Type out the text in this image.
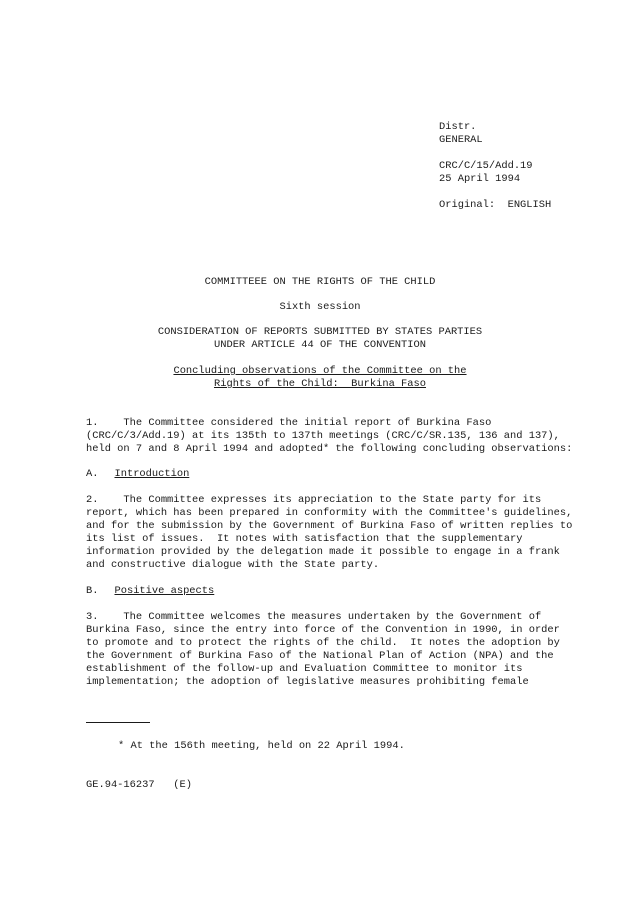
Distr.
GENERAL
CRC/C/15/Add.19
25 April 1994
Original:  ENGLISH
COMMITTEEE ON THE RIGHTS OF THE CHILD
Sixth session
CONSIDERATION OF REPORTS SUBMITTED BY STATES PARTIES
UNDER ARTICLE 44 OF THE CONVENTION
Concluding observations of the Committee on the
Rights of the Child:  Burkina Faso
1.    The Committee considered the initial report of Burkina Faso
(CRC/C/3/Add.19) at its 135th to 137th meetings (CRC/C/SR.135, 136 and 137),
held on 7 and 8 April 1994 and adopted* the following concluding observations:
A. Introduction
2.    The Committee expresses its appreciation to the State party for its
report, which has been prepared in conformity with the Committee's guidelines,
and for the submission by the Government of Burkina Faso of written replies to
its list of issues.  It notes with satisfaction that the supplementary
information provided by the delegation made it possible to engage in a frank
and constructive dialogue with the State party.
B. Positive aspects
3.    The Committee welcomes the measures undertaken by the Government of
Burkina Faso, since the entry into force of the Convention in 1990, in order
to promote and to protect the rights of the child.  It notes the adoption by
the Government of Burkina Faso of the National Plan of Action (NPA) and the
establishment of the follow-up and Evaluation Committee to monitor its
implementation; the adoption of legislative measures prohibiting female
* At the 156th meeting, held on 22 April 1994.
GE.94-16237   (E)
